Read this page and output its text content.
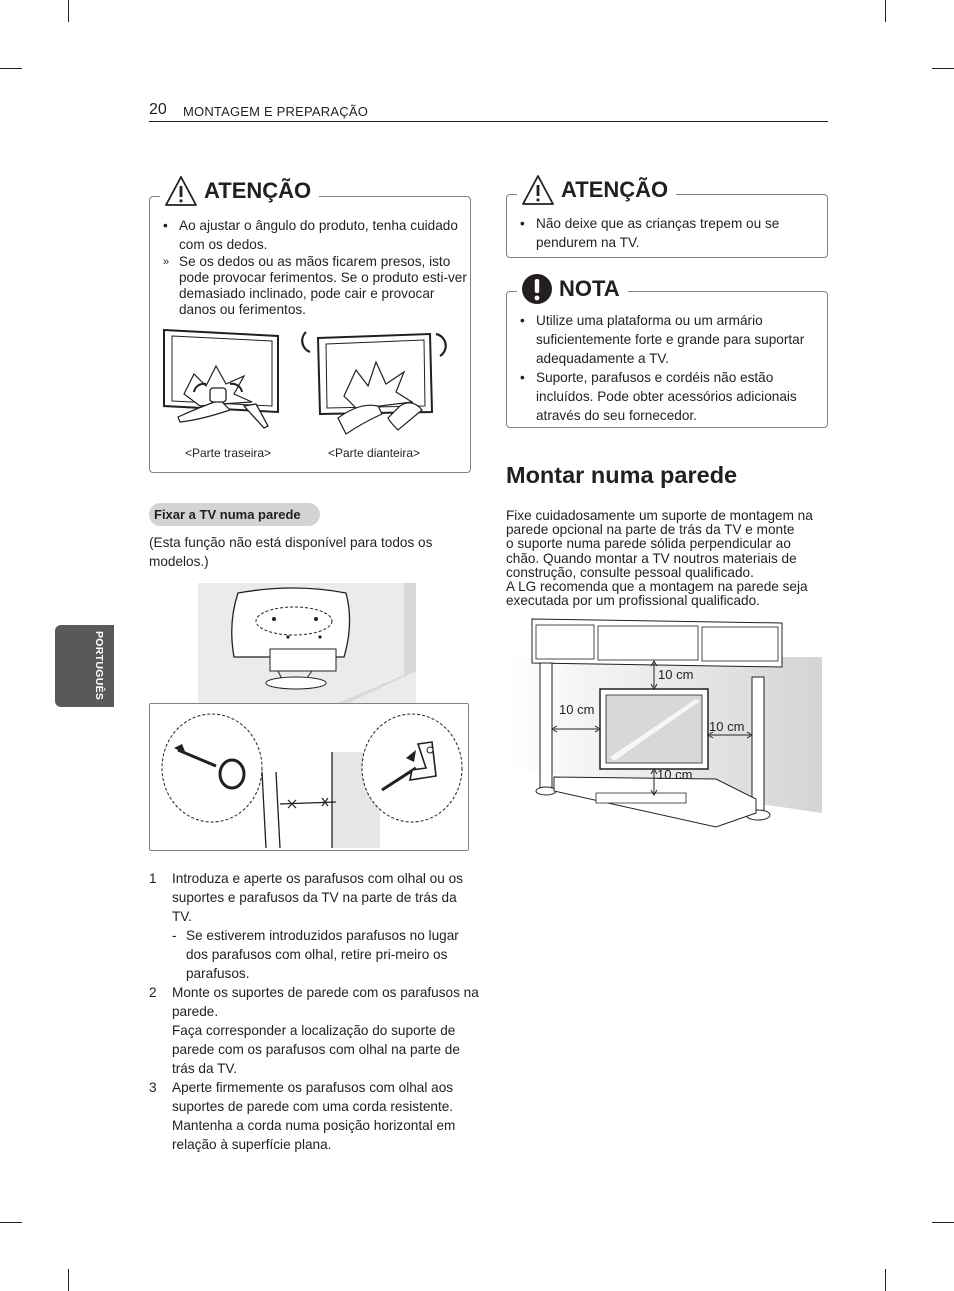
20 MONTAGEM E PREPARAÇÃO
PORTUGUÊS
ATENÇÃO
• Ao ajustar o ângulo do produto, tenha cuidado com os dedos.
» Se os dedos ou as mãos ficarem presos, isto pode provocar ferimentos. Se o produto esti-ver demasiado inclinado, pode cair e provocar danos ou ferimentos.
<Parte traseira>	<Parte dianteira>
Fixar a TV numa parede
(Esta função não está disponível para todos os modelos.)
1 Introduza e aperte os parafusos com olhal ou os suportes e parafusos da TV na parte de trás da TV.
- Se estiverem introduzidos parafusos no lugar dos parafusos com olhal, retire pri-meiro os parafusos.
2 Monte os suportes de parede com os parafusos na parede.
Faça corresponder a localização do suporte de parede com os parafusos com olhal na parte de trás da TV.
3 Aperte firmemente os parafusos com olhal aos suportes de parede com uma corda resistente. Mantenha a corda numa posição horizontal em relação à superfície plana.
ATENÇÃO
• Não deixe que as crianças trepem ou se pendurem na TV.
NOTA
• Utilize uma plataforma ou um armário suficientemente forte e grande para suportar adequadamente a TV.
• Suporte, parafusos e cordéis não estão incluídos. Pode obter acessórios adicionais através do seu fornecedor.
Montar numa parede
Fixe cuidadosamente um suporte de montagem na
parede opcional na parte de trás da TV e monte
o suporte numa parede sólida perpendicular ao
chão. Quando montar a TV noutros materiais de
construção, consulte pessoal qualificado.
A LG recomenda que a montagem na parede seja
executada por um profissional qualificado.
10 cm
10 cm
10 cm
10 cm
